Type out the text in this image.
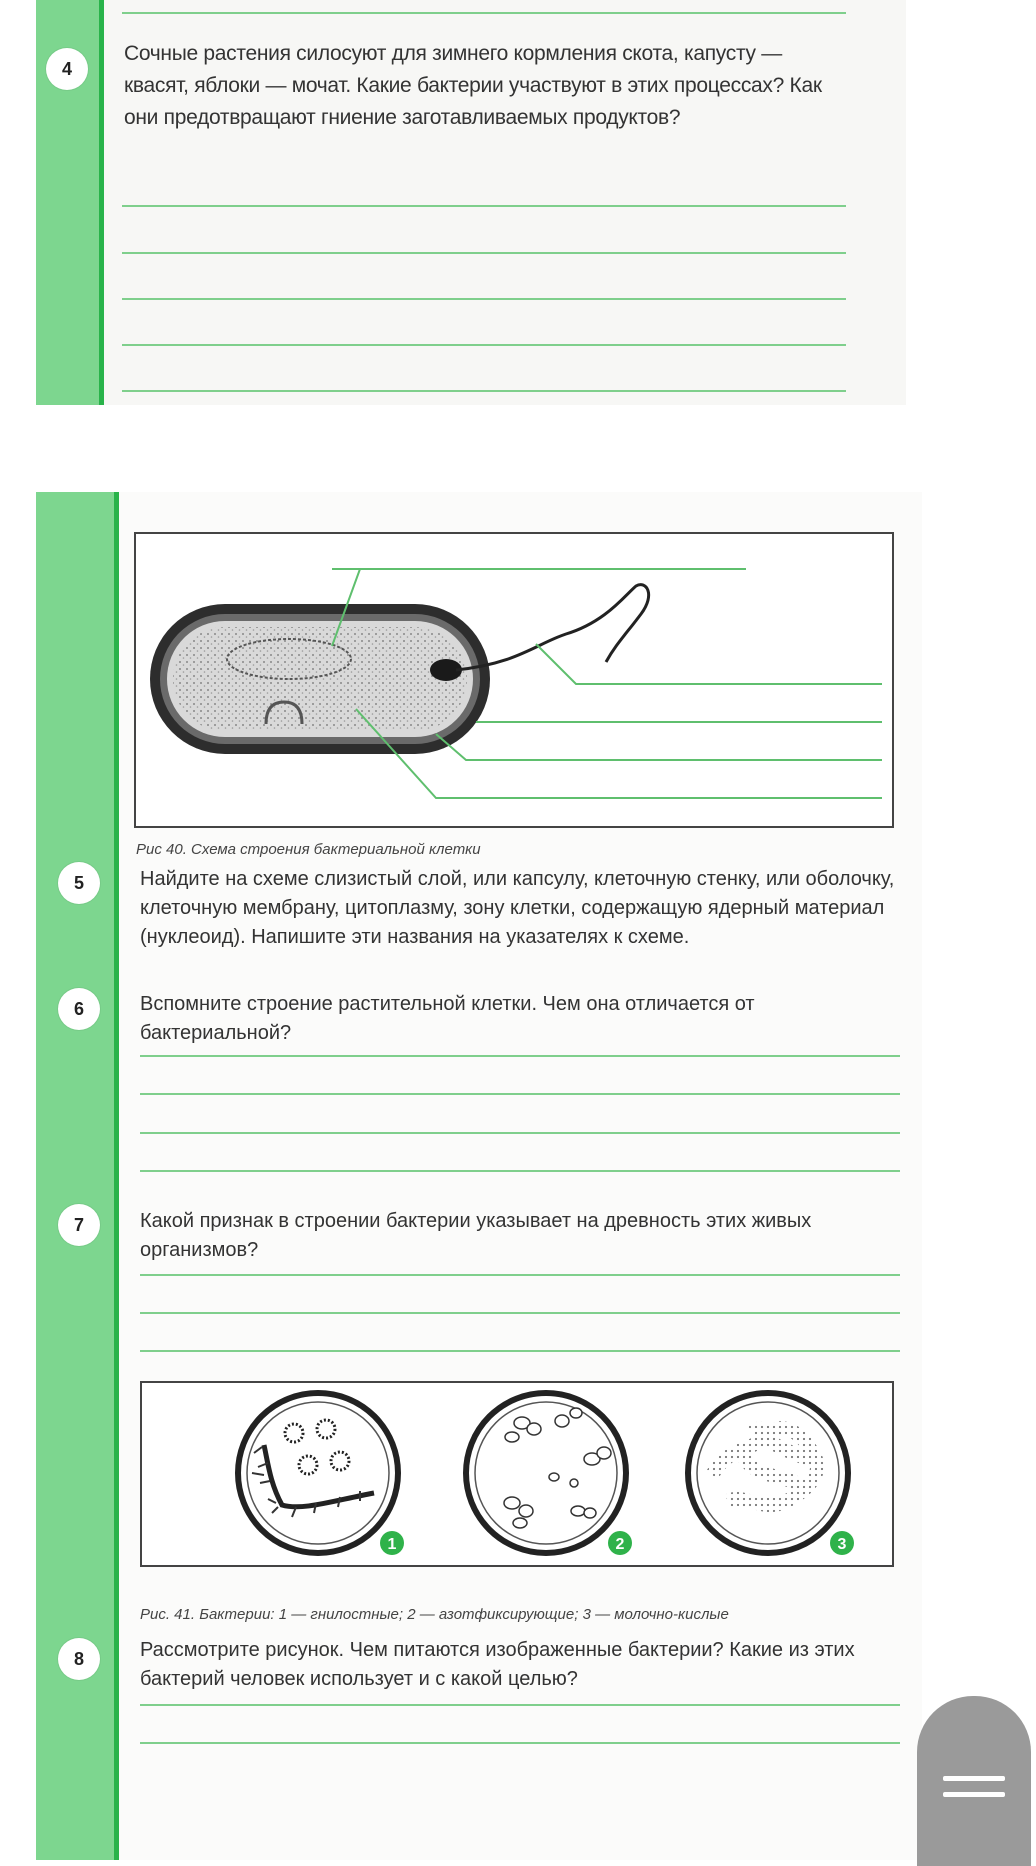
4
Сочные растения силосуют для зимнего кормления скота, капусту — квасят, яблоки — мочат. Какие бактерии участвуют в этих процессах? Как они предотвращают гниение заготавливаемых продуктов?
Рис 40. Схема строения бактериальной клетки
5	Найдите на схеме слизистый слой, или капсулу, клеточную стенку, или оболочку, клеточную мембрану, цитоплазму, зону клетки, содержащую ядерный материал (нуклеоид). Напишите эти названия на указателях к схеме.
6	Вспомните строение растительной клетки. Чем она отличается от бактериальной?
7	Какой признак в строении бактерии указывает на древность этих живых организмов?
1	2	3
Рис. 41. Бактерии: 1 — гнилостные; 2 — азотфиксирующие; 3 — молочно-кислые
8	Рассмотрите рисунок. Чем питаются изображенные бактерии? Какие из этих бактерий человек использует и с какой целью?
